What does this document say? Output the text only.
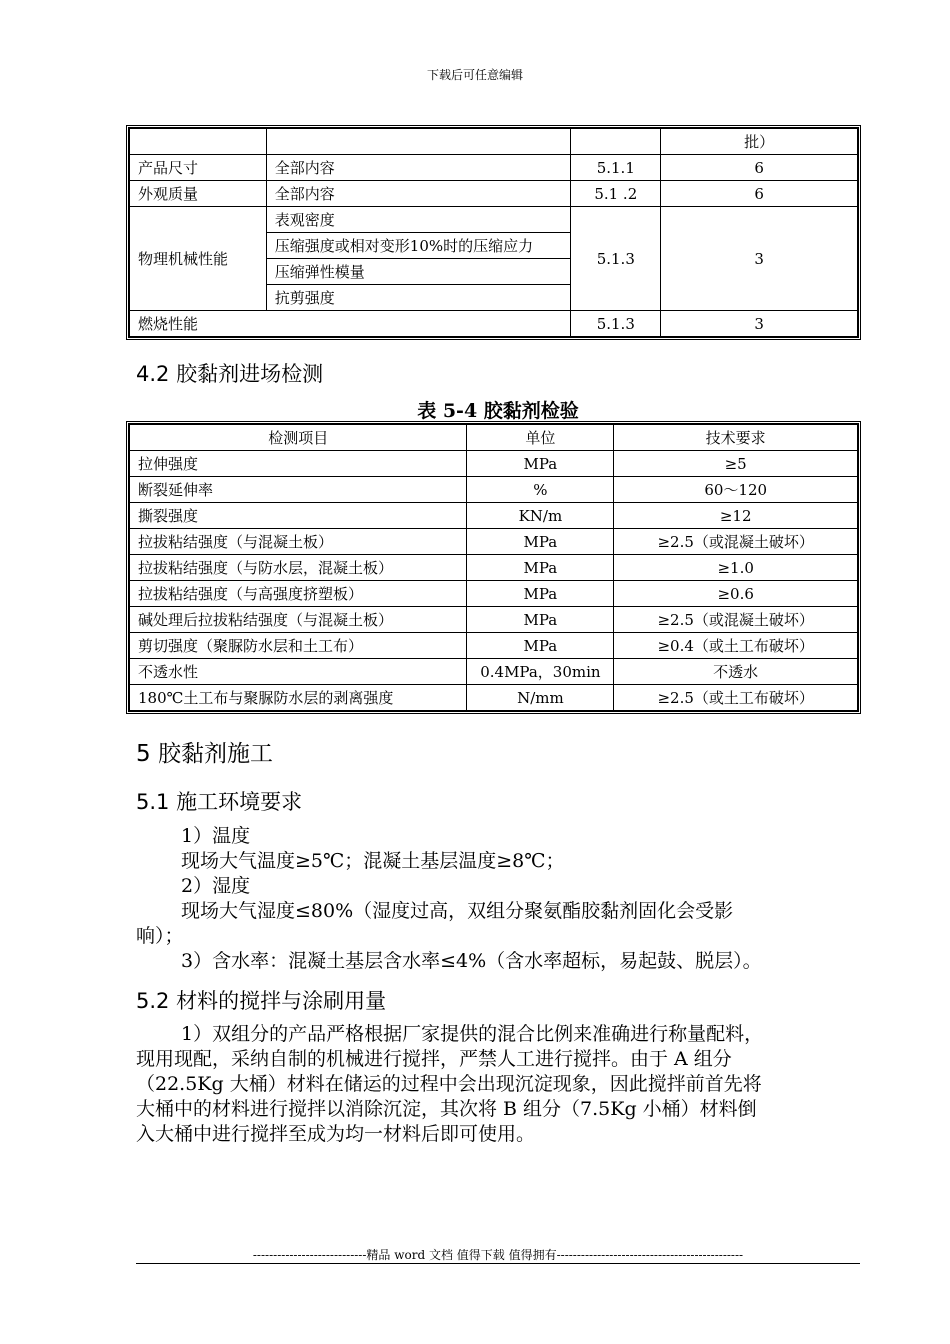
下载后可任意编辑
			批）
产品尺寸	全部内容	5.1.1	6
外观质量	全部内容	5.1 .2	6
物理机械性能	表观密度	5.1.3	3
	压缩强度或相对变形10%时的压缩应力		
	压缩弹性模量		
	抗剪强度		
燃烧性能		5.1.3	3
4.2 胶黏剂进场检测
表 5-4 胶黏剂检验
检测项目	单位	技术要求
拉伸强度	MPa	≥5
断裂延伸率	%	60～120
撕裂强度	KN/m	≥12
拉拔粘结强度（与混凝土板）	MPa	≥2.5（或混凝土破坏）
拉拔粘结强度（与防水层，混凝土板）	MPa	≥1.0
拉拔粘结强度（与高强度挤塑板）	MPa	≥0.6
碱处理后拉拔粘结强度（与混凝土板）	MPa	≥2.5（或混凝土破坏）
剪切强度（聚脲防水层和土工布）	MPa	≥0.4（或土工布破坏）
不透水性	0.4MPa，30min	不透水
180℃土工布与聚脲防水层的剥离强度	N/mm	≥2.5（或土工布破坏）
5 胶黏剂施工
5.1 施工环境要求
1）温度
现场大气温度≥5℃；混凝土基层温度≥8℃；
2）湿度
现场大气湿度≤80%（湿度过高，双组分聚氨酯胶黏剂固化会受影
响）；
3）含水率：混凝土基层含水率≤4%（含水率超标，易起鼓、脱层）。
5.2 材料的搅拌与涂刷用量
1）双组分的产品严格根据厂家提供的混合比例来准确进行称量配料，
现用现配，采纳自制的机械进行搅拌，严禁人工进行搅拌。由于 A 组分
（22.5Kg 大桶）材料在储运的过程中会出现沉淀现象，因此搅拌前首先将
大桶中的材料进行搅拌以消除沉淀，其次将 B 组分（7.5Kg 小桶）材料倒
入大桶中进行搅拌至成为均一材料后即可使用。
----------------------------精品 word 文档 值得下载 值得拥有----------------------------------------------
